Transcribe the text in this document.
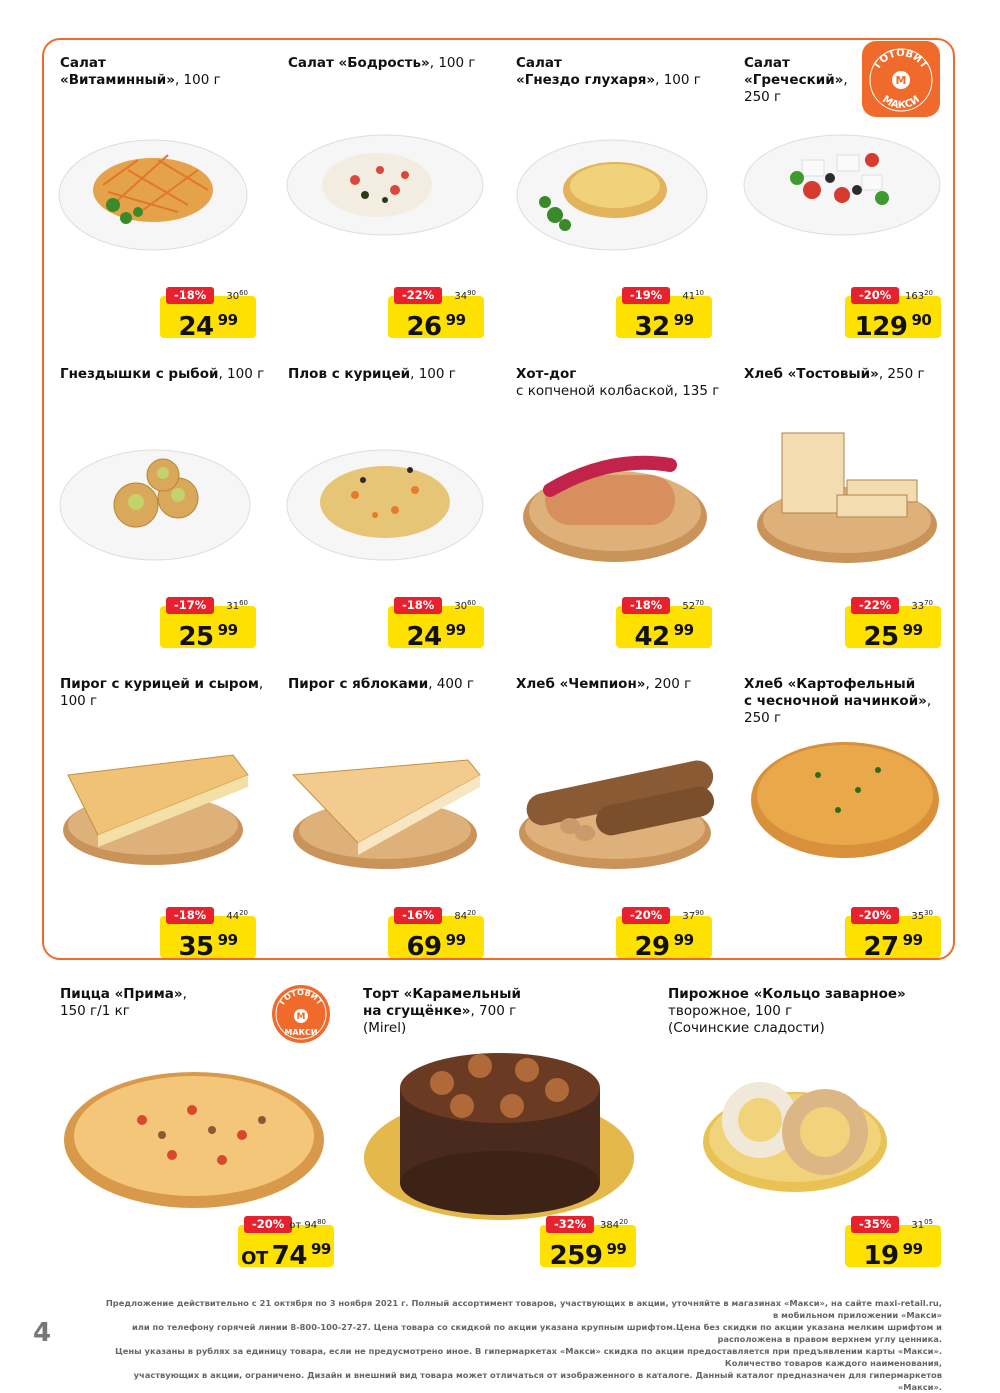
Салат
«Витаминный», 100 г
Салат «Бодрость», 100 г	Салат
«Гнездо глухаря», 100 г
Салат
«Греческий»,
250 г
Гнездышки с рыбой, 100 г	Плов с курицей, 100 г	Хот-дог
с копченой колбаской, 135 г
Хлеб «Тостовый», 250 г
Пирог с курицей и сыром,
100 г
Пирог с яблоками, 400 г	Хлеб «Чемпион», 200 г	Хлеб «Картофельный
с чесночной начинкой»,
250 г
Пицца «Прима»,
150 г/1 кг
Торт «Карамельный
на сгущёнке», 700 г
(Mirel)
Пирожное «Кольцо заварное»
творожное, 100 г
(Сочинские сладости)
ГОТОВИТ
МАКСИ
М
ГОТОВИТ
М
МАКСИ
-18%	$30^{60}$
24 $^{99}$
-22%	$34^{90}$
26 $^{99}$
-19%	$41^{10}$
32 $^{99}$
-20%	$163^{20}$
129 $^{90}$
-17%	$31^{60}$
25 $^{99}$
-18%	$30^{60}$
24 $^{99}$
-18%	$52^{70}$
42 $^{99}$
-22%	$33^{70}$
25 $^{99}$
-18%	$44^{20}$
35 $^{99}$
-16%	$84^{20}$
69 $^{99}$
-20%	$37^{90}$
29 $^{99}$
-20%	$35^{30}$
27 $^{99}$
-20% от $94^{80}$
ОТ 74 $^{99}$
-32%	$384^{20}$
259 $^{99}$
-35%	$31^{05}$
19 $^{99}$
Предложение действительно с 21 октября по 3 ноября 2021 г. Полный ассортимент товаров, участвующих в акции, уточняйте в магазинах «Макси», на сайте maxi-retail.ru, в мобильном приложении «Макси»
или по телефону горячей линии 8-800-100-27-27. Цена товара со скидкой по акции указана крупным шрифтом.Цена без скидки по акции указана мелким шрифтом и расположена в правом верхнем углу ценника.
Цены указаны в рублях за единицу товара, если не предусмотрено иное. В гипермаркетах «Макси» скидка по акции предоставляется при предъявлении карты «Макси». Количество товаров каждого наименования,
участвующих в акции, ограничено. Дизайн и внешний вид товара может отличаться от изображенного в каталоге. Данный каталог предназначен для гипермаркетов «Макси».
4
